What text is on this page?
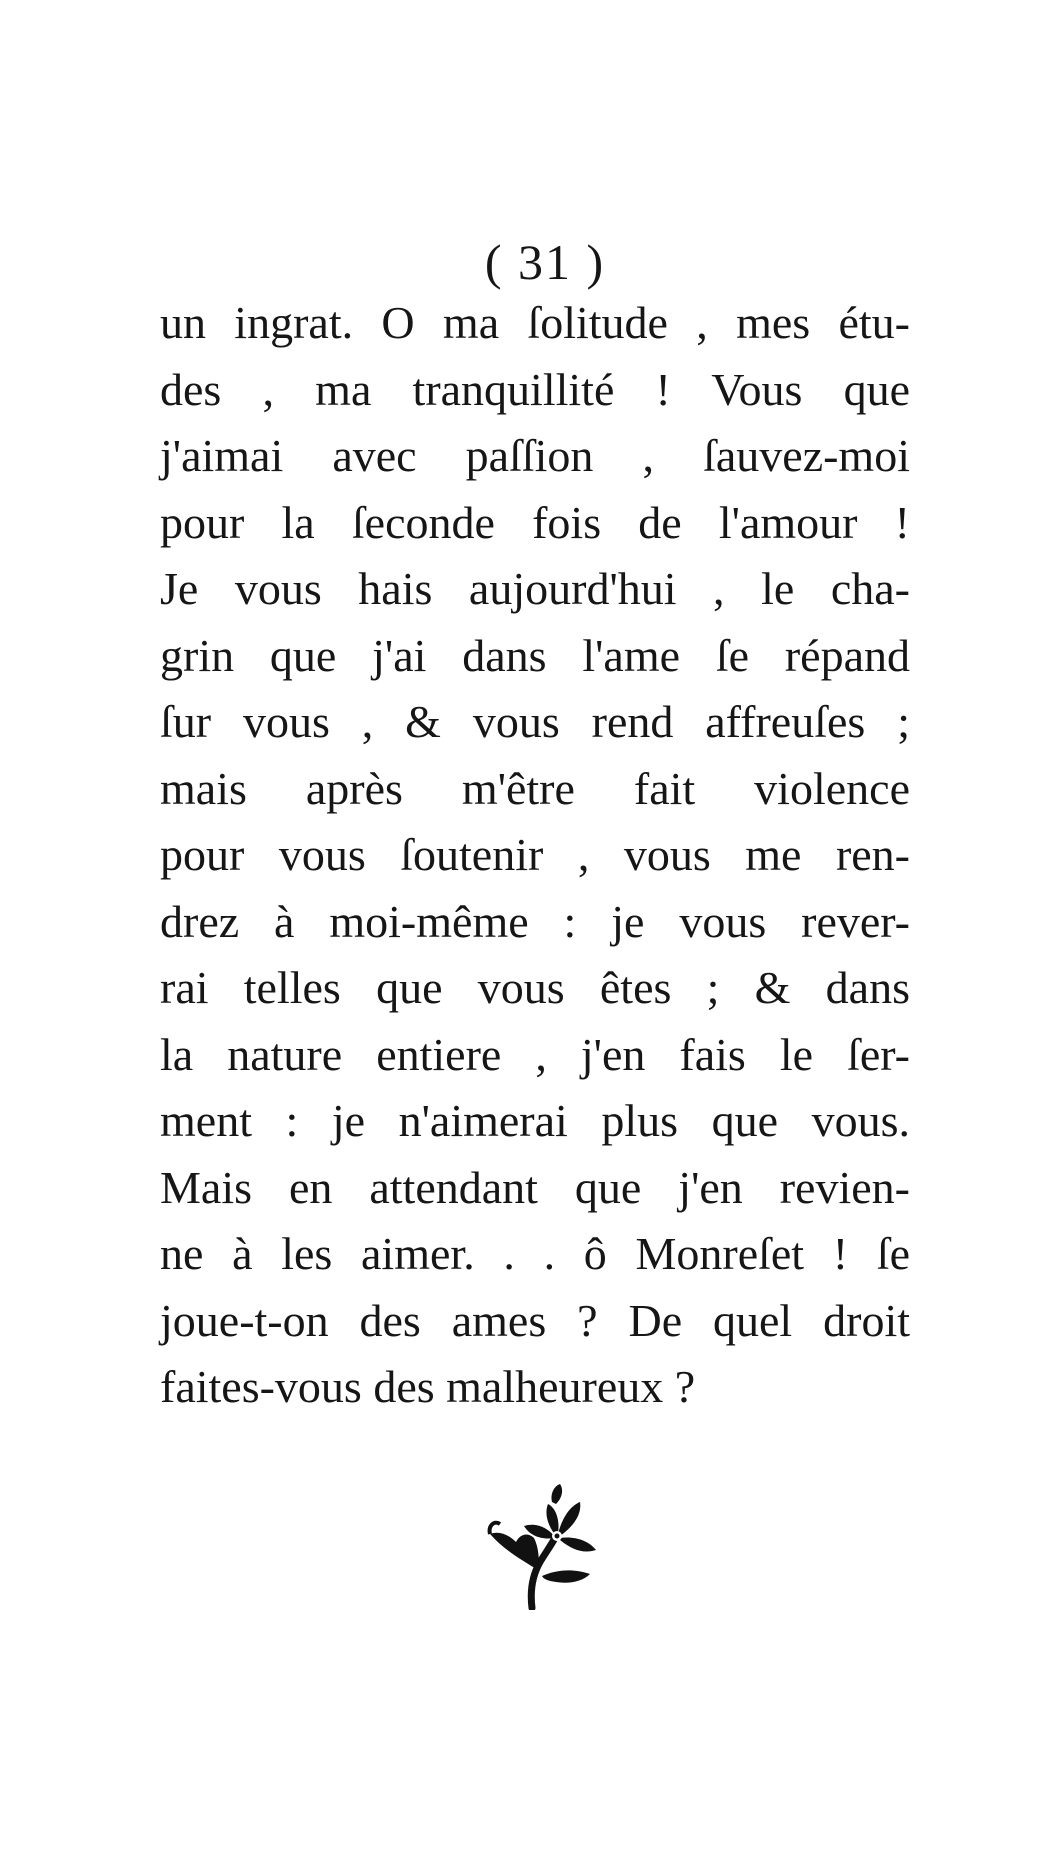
( 31 )
un ingrat. O ma ſolitude , mes étu-
des , ma tranquillité ! Vous que
j'aimai avec paſſion , ſauvez-moi
pour la ſeconde fois de l'amour !
Je vous hais aujourd'hui , le cha-
grin que j'ai dans l'ame ſe répand
ſur vous , & vous rend affreuſes ;
mais après m'être fait violence
pour vous ſoutenir , vous me ren-
drez à moi-même : je vous rever-
rai telles que vous êtes ; & dans
la nature entiere , j'en fais le ſer-
ment : je n'aimerai plus que vous.
Mais en attendant que j'en revien-
ne à les aimer. . . ô Monreſet ! ſe
joue-t-on des ames ? De quel droit
faites-vous des malheureux ?
